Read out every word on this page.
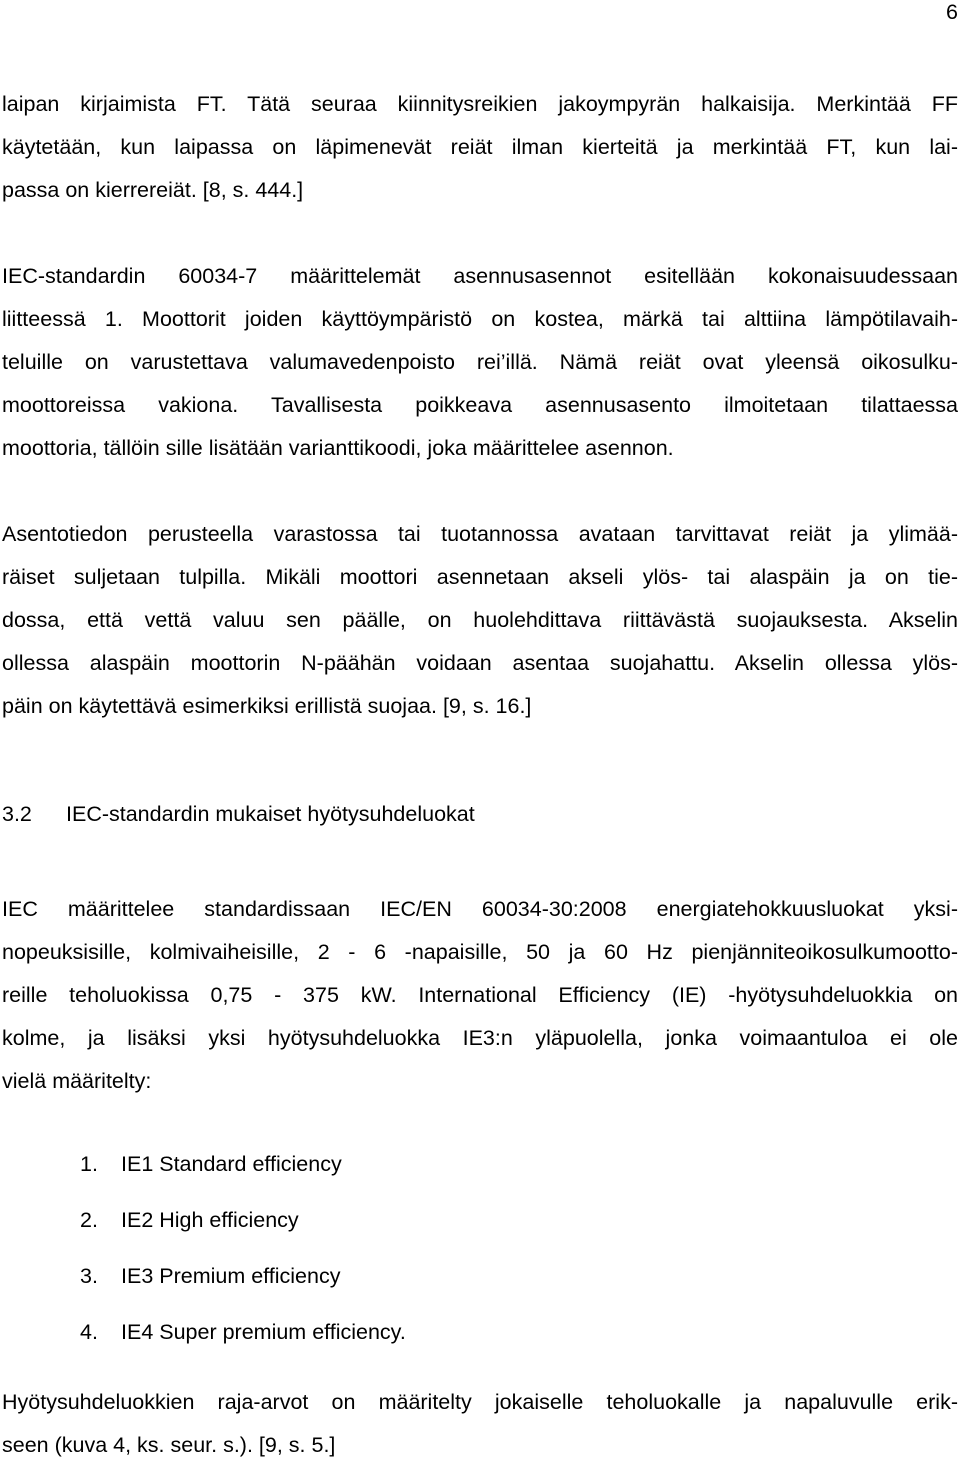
6
laipan kirjaimista FT. Tätä seuraa kiinnitysreikien jakoympyrän halkaisija. Merkintää FF
käytetään, kun laipassa on läpimenevät reiät ilman kierteitä ja merkintää FT, kun lai-
passa on kierrereiät. [8, s. 444.]
IEC-standardin 60034-7 määrittelemät asennusasennot esitellään kokonaisuudessaan
liitteessä 1. Moottorit joiden käyttöympäristö on kostea, märkä tai alttiina lämpötilavaih-
teluille on varustettava valumavedenpoisto rei’illä. Nämä reiät ovat yleensä oikosulku-
moottoreissa vakiona. Tavallisesta poikkeava asennusasento ilmoitetaan tilattaessa
moottoria, tällöin sille lisätään varianttikoodi, joka määrittelee asennon.
Asentotiedon perusteella varastossa tai tuotannossa avataan tarvittavat reiät ja ylimää-
räiset suljetaan tulpilla. Mikäli moottori asennetaan akseli ylös- tai alaspäin ja on tie-
dossa, että vettä valuu sen päälle, on huolehdittava riittävästä suojauksesta. Akselin
ollessa alaspäin moottorin N-päähän voidaan asentaa suojahattu. Akselin ollessa ylös-
päin on käytettävä esimerkiksi erillistä suojaa. [9, s. 16.]
3.2 IEC-standardin mukaiset hyötysuhdeluokat
IEC määrittelee standardissaan IEC/EN 60034-30:2008 energiatehokkuusluokat yksi-
nopeuksisille, kolmivaiheisille, 2 - 6 -napaisille, 50 ja 60 Hz pienjänniteoikosulkumootto-
reille teholuokissa 0,75 - 375 kW. International Efficiency (IE) -hyötysuhdeluokkia on
kolme, ja lisäksi yksi hyötysuhdeluokka IE3:n yläpuolella, jonka voimaantuloa ei ole
vielä määritelty:
1. IE1 Standard efficiency
2. IE2 High efficiency
3. IE3 Premium efficiency
4. IE4 Super premium efficiency.
Hyötysuhdeluokkien raja-arvot on määritelty jokaiselle teholuokalle ja napaluvulle erik-
seen (kuva 4, ks. seur. s.). [9, s. 5.]
